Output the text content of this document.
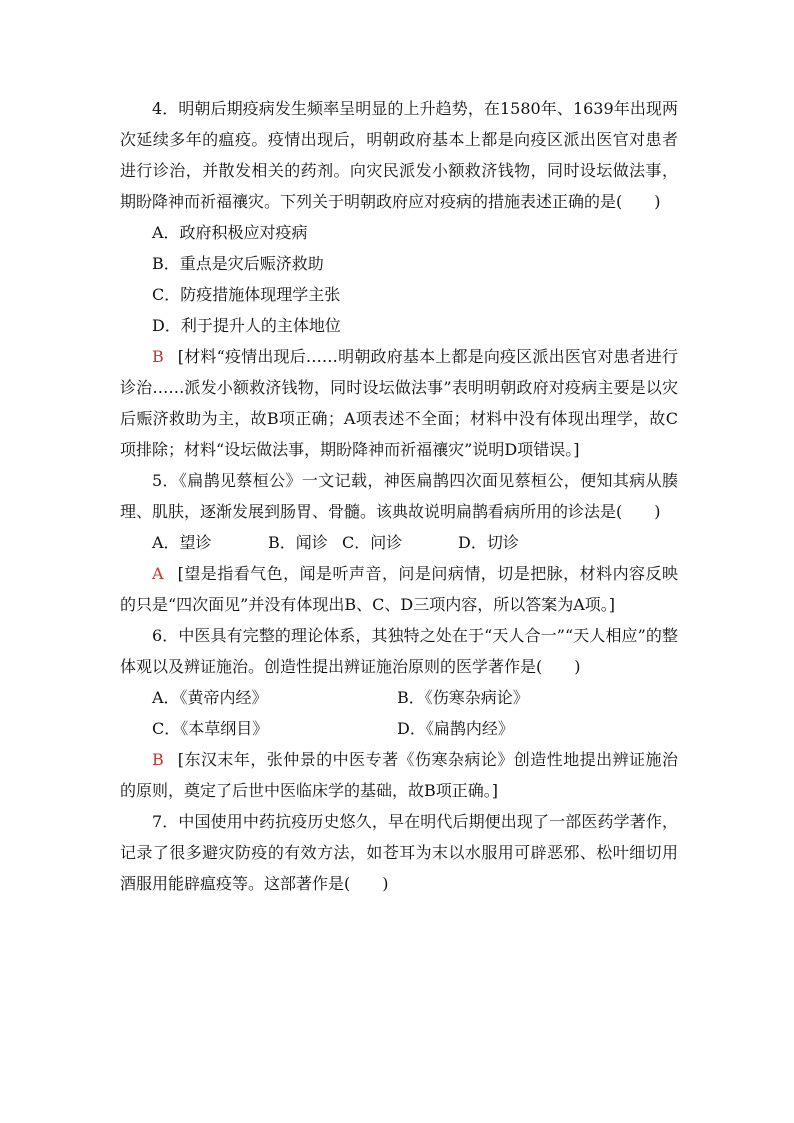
4．明朝后期疫病发生频率呈明显的上升趋势，在1580年、1639年出现两次延续多年的瘟疫。疫情出现后，明朝政府基本上都是向疫区派出医官对患者进行诊治，并散发相关的药剂。向灾民派发小额救济钱物，同时设坛做法事，期盼降神而祈福禳灾。下列关于明朝政府应对疫病的措施表述正确的是(　　)

A．政府积极应对疫病

B．重点是灾后赈济救助

C．防疫措施体现理学主张

D．利于提升人的主体地位

B [材料“疫情出现后……明朝政府基本上都是向疫区派出医官对患者进行诊治……派发小额救济钱物，同时设坛做法事”表明明朝政府对疫病主要是以灾后赈济救助为主，故B项正确；A项表述不全面；材料中没有体现出理学，故C项排除；材料“设坛做法事，期盼降神而祈福禳灾”说明D项错误。]

5．《扁鹊见蔡桓公》一文记载，神医扁鹊四次面见蔡桓公，便知其病从腠理、肌肤，逐渐发展到肠胃、骨髓。该典故说明扁鹊看病所用的诊法是(　　)

A．望诊	B．闻诊 C．问诊	D．切诊

A [望是指看气色，闻是听声音，问是问病情，切是把脉，材料内容反映的只是“四次面见”并没有体现出B、C、D三项内容，所以答案为A项。]

6．中医具有完整的理论体系，其独特之处在于“天人合一”“天人相应”的整体观以及辨证施治。创造性提出辨证施治原则的医学著作是(　　)

A．《黄帝内经》	B．《伤寒杂病论》
C．《本草纲目》	D．《扁鹊内经》

B [东汉末年，张仲景的中医专著《伤寒杂病论》创造性地提出辨证施治的原则，奠定了后世中医临床学的基础，故B项正确。]

7．中国使用中药抗疫历史悠久，早在明代后期便出现了一部医药学著作，记录了很多避灾防疫的有效方法，如苍耳为末以水服用可辟恶邪、松叶细切用酒服用能辟瘟疫等。这部著作是(　　)
